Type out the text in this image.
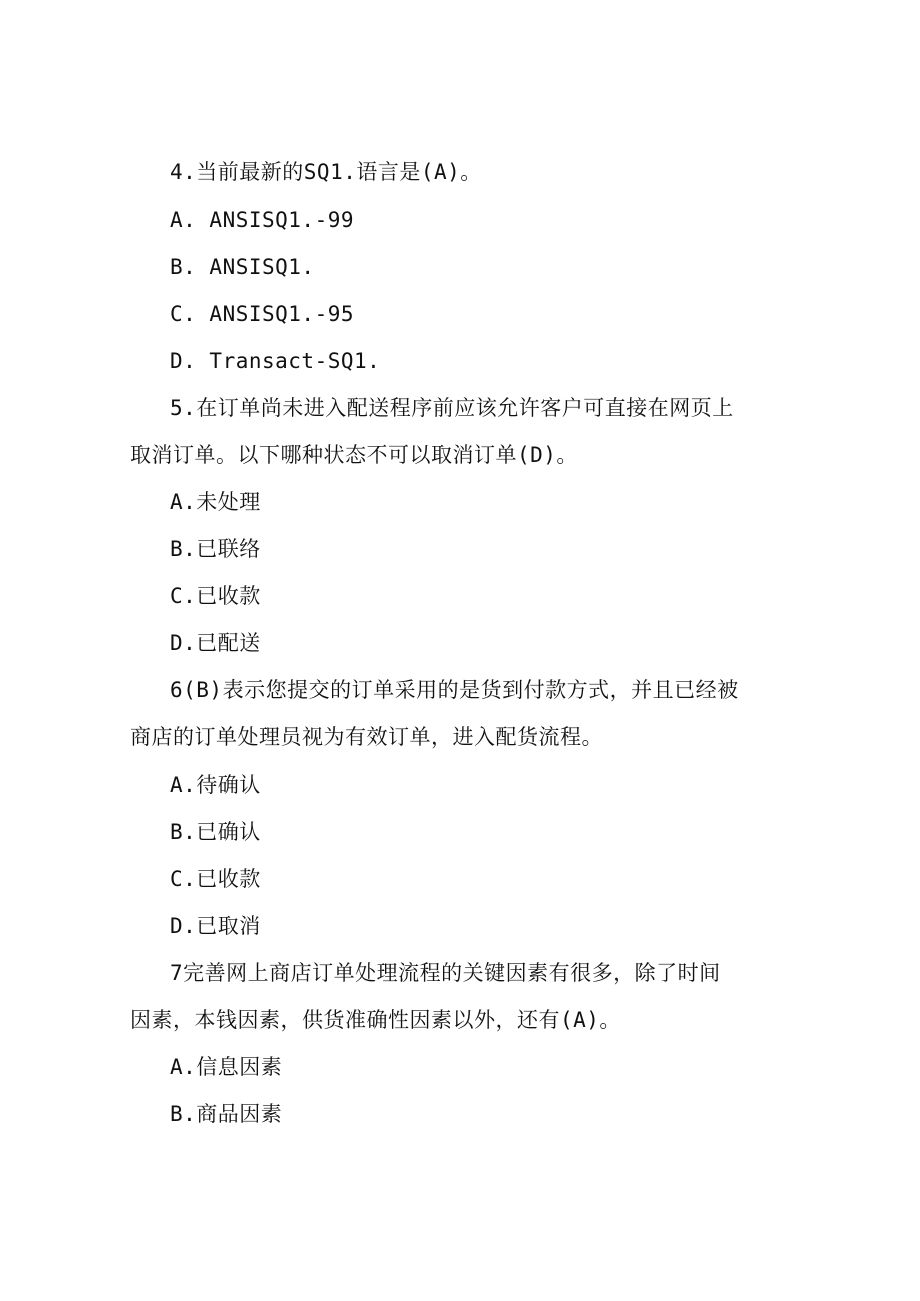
4.当前最新的SQ1.语言是(A)。
A. ANSISQ1.-99
B. ANSISQ1.
C. ANSISQ1.-95
D. Transact-SQ1.
5.在订单尚未进入配送程序前应该允许客户可直接在网页上
取消订单。以下哪种状态不可以取消订单(D)。
A.未处理
B.已联络
C.已收款
D.已配送
6(B)表示您提交的订单采用的是货到付款方式，并且已经被
商店的订单处理员视为有效订单，进入配货流程。
A.待确认
B.已确认
C.已收款
D.已取消
7完善网上商店订单处理流程的关键因素有很多，除了时间
因素，本钱因素，供货准确性因素以外，还有(A)。
A.信息因素
B.商品因素
